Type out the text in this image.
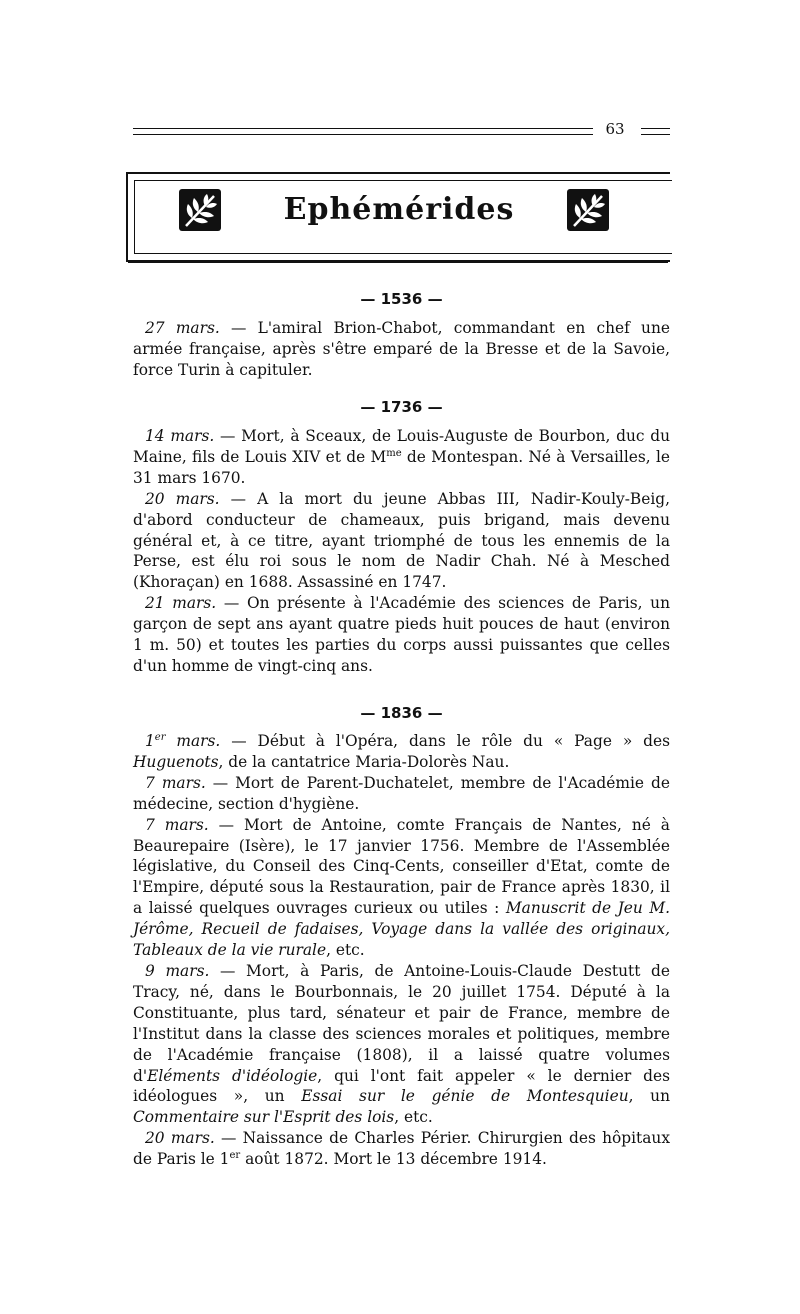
63
Ephémérides
— 1536 —

27 mars. — L'amiral Brion-Chabot, commandant en chef une armée française, après s'être emparé de la Bresse et de la Savoie, force Turin à capituler.

— 1736 —

14 mars. — Mort, à Sceaux, de Louis-Auguste de Bourbon, duc du Maine, fils de Louis XIV et de $M^{me}$ de Montespan. Né à Versailles, le 31 mars 1670.

20 mars. — A la mort du jeune Abbas III, Nadir-Kouly-Beig, d'abord conducteur de chameaux, puis brigand, mais devenu général et, à ce titre, ayant triomphé de tous les ennemis de la Perse, est élu roi sous le nom de Nadir Chah. Né à Mesched (Khoraçan) en 1688. Assassiné en 1747.

21 mars. — On présente à l'Académie des sciences de Paris, un garçon de sept ans ayant quatre pieds huit pouces de haut (environ 1 m. 50) et toutes les parties du corps aussi puissantes que celles d'un homme de vingt-cinq ans.

— 1836 —

1er mars. — Début à l'Opéra, dans le rôle du « Page » des Huguenots, de la cantatrice Maria-Dolorès Nau.

7 mars. — Mort de Parent-Duchatelet, membre de l'Académie de médecine, section d'hygiène.

7 mars. — Mort de Antoine, comte Français de Nantes, né à Beaurepaire (Isère), le 17 janvier 1756. Membre de l'Assemblée législative, du Conseil des Cinq-Cents, conseiller d'Etat, comte de l'Empire, député sous la Restauration, pair de France après 1830, il a laissé quelques ouvrages curieux ou utiles : Manuscrit de Jeu M. Jérôme, Recueil de fadaises, Voyage dans la vallée des originaux, Tableaux de la vie rurale, etc.

9 mars. — Mort, à Paris, de Antoine-Louis-Claude Destutt de Tracy, né, dans le Bourbonnais, le 20 juillet 1754. Député à la Constituante, plus tard, sénateur et pair de France, membre de l'Institut dans la classe des sciences morales et politiques, membre de l'Académie française (1808), il a laissé quatre volumes d'Eléments d'idéologie, qui l'ont fait appeler « le dernier des idéologues », un Essai sur le génie de Montesquieu, un Commentaire sur l'Esprit des lois, etc.

20 mars. — Naissance de Charles Périer. Chirurgien des hôpitaux de Paris le 1er août 1872. Mort le 13 décembre 1914.
